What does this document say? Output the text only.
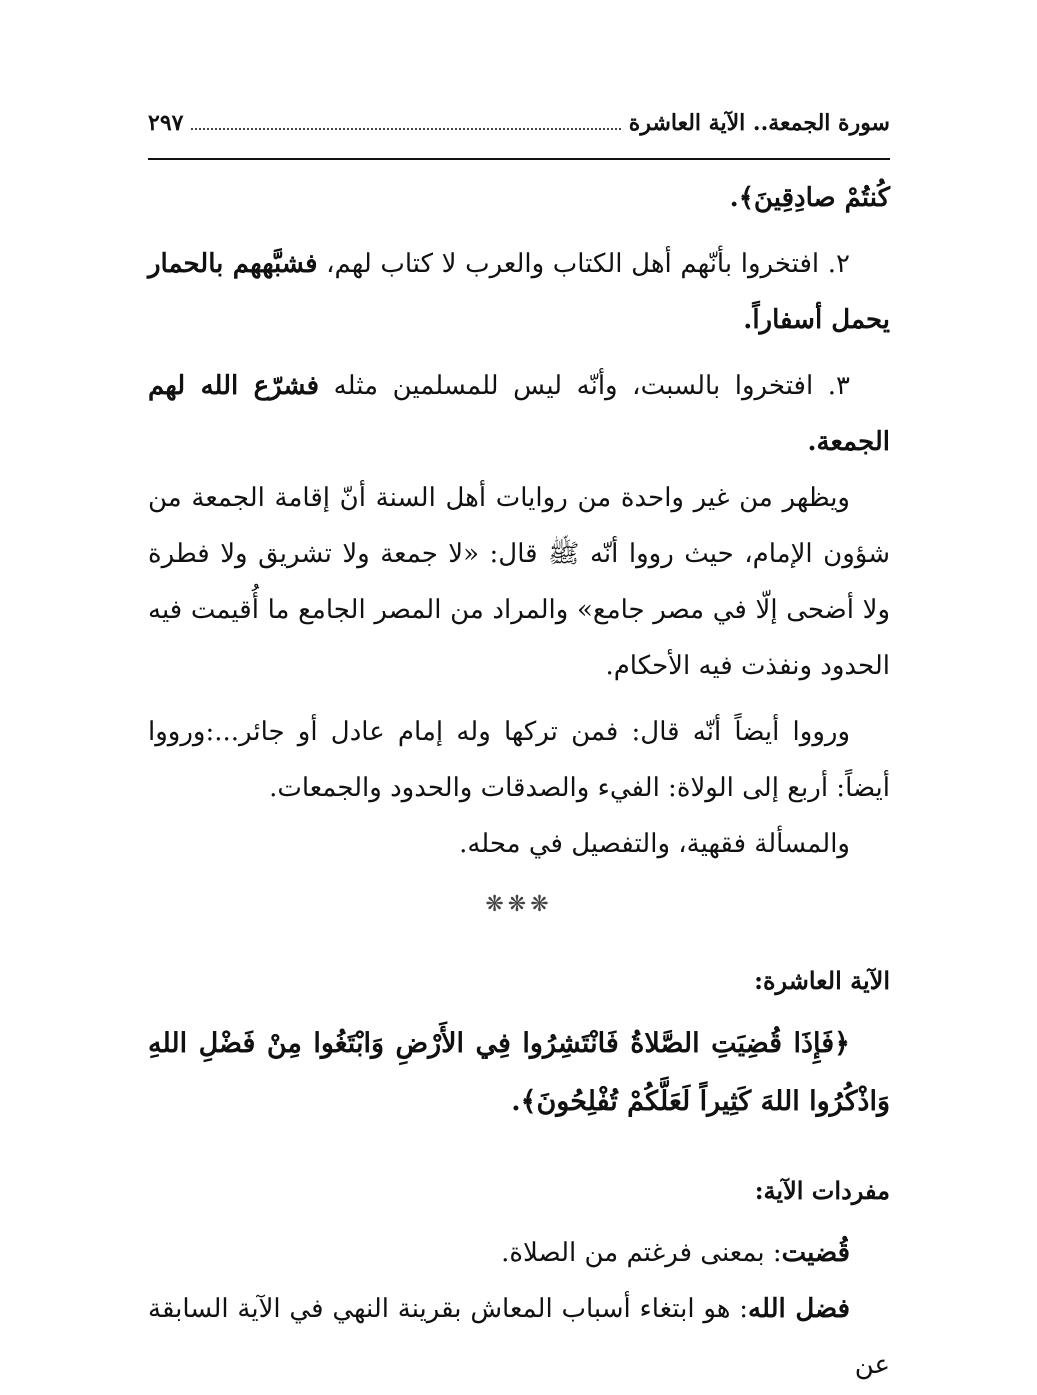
سورة الجمعة.. الآية العاشرة
٢٩٧

كُنتُمْ صادِقِينَ﴾.

٢. افتخروا بأنّهم أهل الكتاب والعرب لا كتاب لهم، فشبَّههم بالحمار يحمل أسفاراً.

٣. افتخروا بالسبت، وأنّه ليس للمسلمين مثله فشرّع الله لهم الجمعة.

ويظهر من غير واحدة من روايات أهل السنة أنّ إقامة الجمعة من شؤون الإمام، حيث رووا أنّه ﷺ قال: «لا جمعة ولا تشريق ولا فطرة ولا أضحى إلّا في مصر جامع» والمراد من المصر الجامع ما أُقيمت فيه الحدود ونفذت فيه الأحكام.

ورووا أيضاً أنّه قال: فمن تركها وله إمام عادل أو جائر...:ورووا أيضاً: أربع إلى الولاة: الفيء والصدقات والحدود والجمعات.

والمسألة فقهية، والتفصيل في محله.

❋❋❋

الآية العاشرة:

﴿فَإِذَا قُضِيَتِ الصَّلاةُ فَانْتَشِرُوا فِي الأَرْضِ وَابْتَغُوا مِنْ فَضْلِ اللهِ وَاذْكُرُوا اللهَ كَثِيراً لَعَلَّكُمْ تُفْلِحُونَ﴾.

مفردات الآية:

قُضيت: بمعنى فرغتم من الصلاة.

فضل الله: هو ابتغاء أسباب المعاش بقرينة النهي في الآية السابقة عن
